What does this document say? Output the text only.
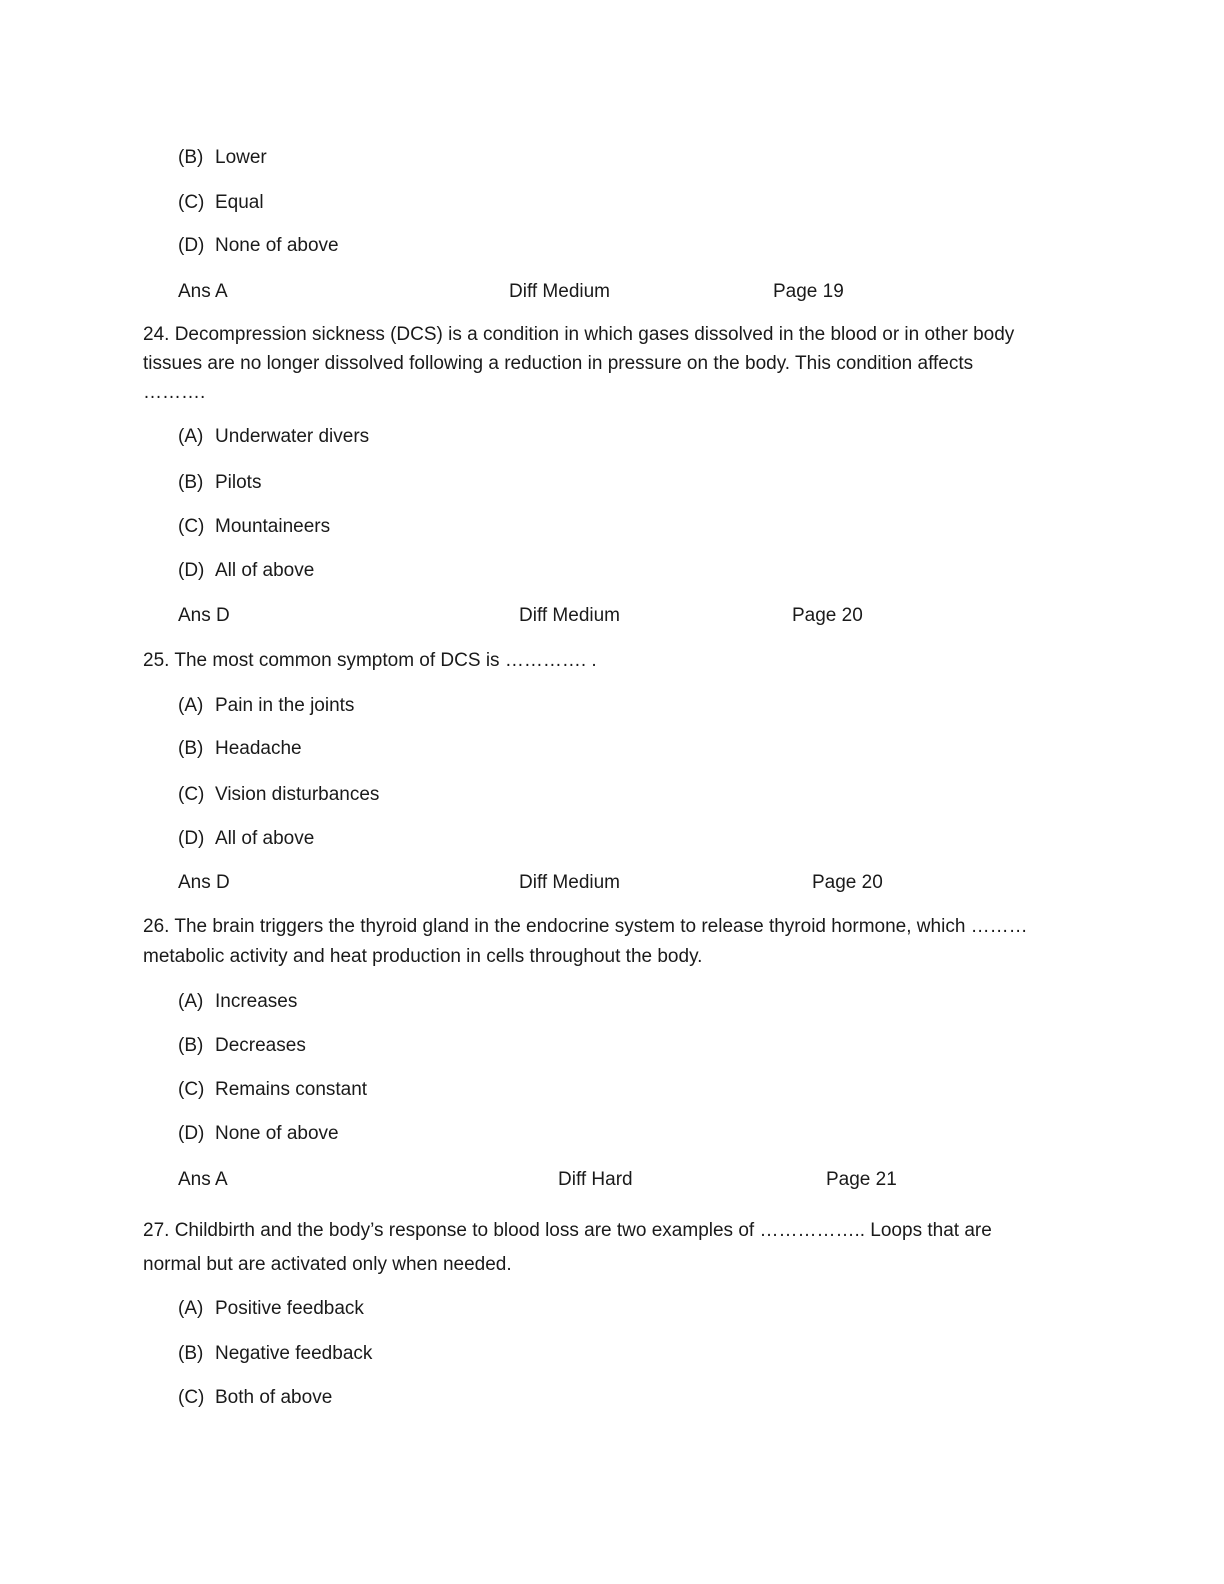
(B) Lower
(C) Equal
(D) None of above
Ans A	Diff Medium	Page 19
24. Decompression sickness (DCS) is a condition in which gases dissolved in the blood or in other body
tissues are no longer dissolved following a reduction in pressure on the body. This condition affects
……….
(A) Underwater divers
(B) Pilots
(C) Mountaineers
(D) All of above
Ans D	Diff Medium	Page 20
25. The most common symptom of DCS is …………. .
(A) Pain in the joints
(B) Headache
(C) Vision disturbances
(D) All of above
Ans D	Diff Medium	Page 20
26. The brain triggers the thyroid gland in the endocrine system to release thyroid hormone, which ………
metabolic activity and heat production in cells throughout the body.
(A) Increases
(B) Decreases
(C) Remains constant
(D) None of above
Ans A	Diff Hard	Page 21
27. Childbirth and the body’s response to blood loss are two examples of …………….. Loops that are
normal but are activated only when needed.
(A) Positive feedback
(B) Negative feedback
(C) Both of above
